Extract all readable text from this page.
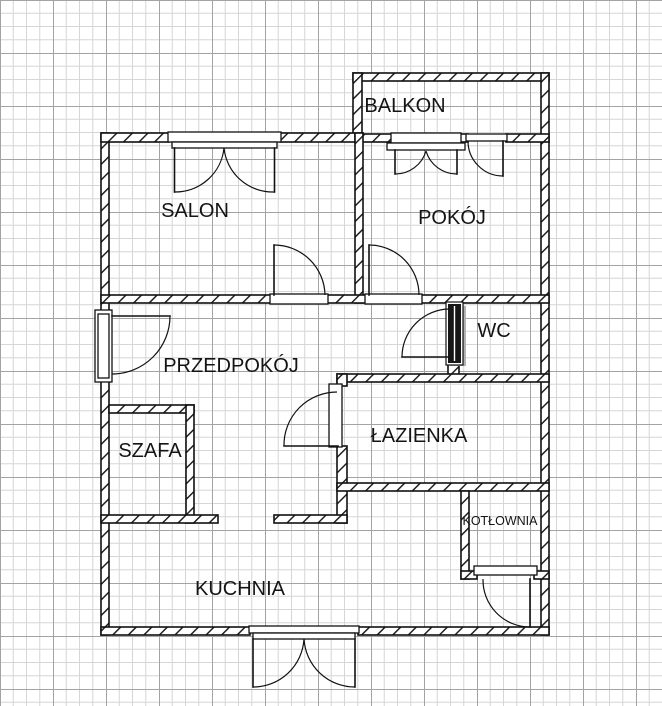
BALKON
SALON	POKÓJ
PRZEDPOKÓJ
WC
SZAFA
ŁAZIENKA
KOTŁOWNIA
KUCHNIA
